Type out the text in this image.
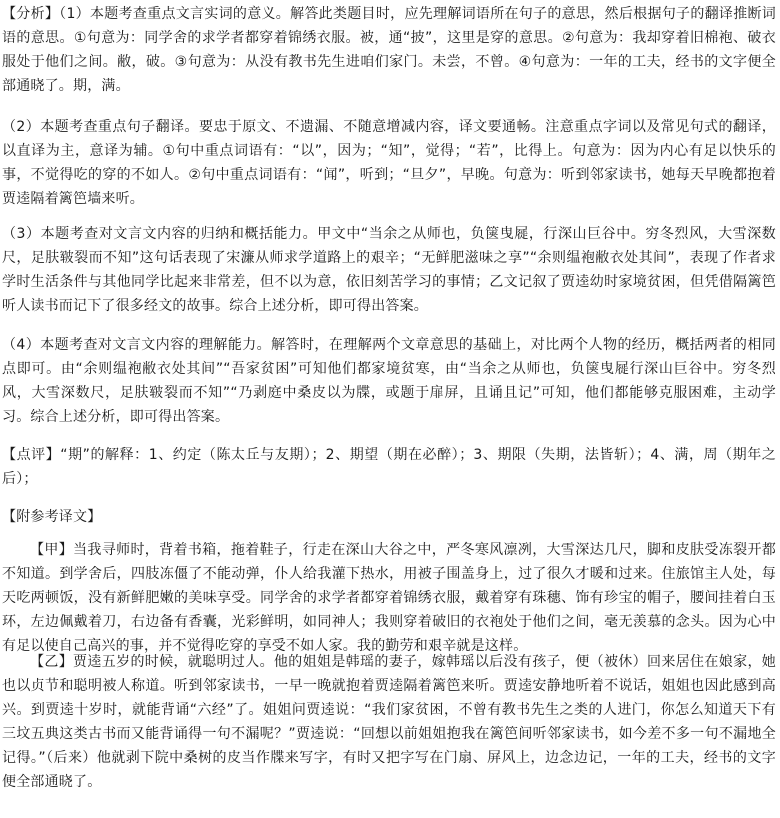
【分析】（1）本题考查重点文言实词的意义。解答此类题目时，应先理解词语所在句子的意思，然后根据句子的翻译推断词语的意思。①句意为：同学舍的求学者都穿着锦绣衣服。被，通“披”，这里是穿的意思。②句意为：我却穿着旧棉袍、破衣服处于他们之间。敝，破。③句意为：从没有教书先生进咱们家门。未尝，不曾。④句意为：一年的工夫，经书的文字便全部通晓了。期，满。

（2）本题考查重点句子翻译。要忠于原文、不遗漏、不随意增减内容，译文要通畅。注意重点字词以及常见句式的翻译，以直译为主，意译为辅。①句中重点词语有：“以”，因为；“知”，觉得；“若”，比得上。句意为：因为内心有足以快乐的事，不觉得吃的穿的不如人。②句中重点词语有：“闻”，听到；“旦夕”，早晚。句意为：听到邻家读书，她每天早晚都抱着贾逵隔着篱笆墙来听。

（3）本题考查对文言文内容的归纳和概括能力。甲文中“当余之从师也，负箧曳屣，行深山巨谷中。穷冬烈风，大雪深数尺，足肤皲裂而不知”这句话表现了宋濂从师求学道路上的艰辛；“无鲜肥滋味之享”“余则缊袍敝衣处其间”，表现了作者求学时生活条件与其他同学比起来非常差，但不以为意，依旧刻苦学习的事情；乙文记叙了贾逵幼时家境贫困，但凭借隔篱笆听人读书而记下了很多经文的故事。综合上述分析，即可得出答案。

（4）本题考查对文言文内容的理解能力。解答时，在理解两个文章意思的基础上，对比两个人物的经历，概括两者的相同点即可。由“余则缊袍敝衣处其间”“吾家贫困”可知他们都家境贫寒，由“当余之从师也，负箧曳屣行深山巨谷中。穷冬烈风，大雪深数尺，足肤皲裂而不知”“乃剥庭中桑皮以为牒，或题于扉屏，且诵且记”可知，他们都能够克服困难，主动学习。综合上述分析，即可得出答案。

【点评】“期”的解释：1、约定（陈太丘与友期）；2、期望（期在必醉）；3、期限（失期，法皆斩）；4、满，周（期年之后）；

【附参考译文】

【甲】当我寻师时，背着书箱，拖着鞋子，行走在深山大谷之中，严冬寒风凛冽，大雪深达几尺，脚和皮肤受冻裂开都不知道。到学舍后，四肢冻僵了不能动弹，仆人给我灌下热水，用被子围盖身上，过了很久才暖和过来。住旅馆主人处，每天吃两顿饭，没有新鲜肥嫩的美味享受。同学舍的求学者都穿着锦绣衣服，戴着穿有珠穗、饰有珍宝的帽子，腰间挂着白玉环，左边佩戴着刀，右边备有香囊，光彩鲜明，如同神人；我则穿着破旧的衣袍处于他们之间，毫无羡慕的念头。因为心中有足以使自己高兴的事，并不觉得吃穿的享受不如人家。我的勤劳和艰辛就是这样。

【乙】贾逵五岁的时候，就聪明过人。他的姐姐是韩瑶的妻子，嫁韩瑶以后没有孩子，便（被休）回来居住在娘家，她也以贞节和聪明被人称道。听到邻家读书，一早一晚就抱着贾逵隔着篱笆来听。贾逵安静地听着不说话，姐姐也因此感到高兴。到贾逵十岁时，就能背诵“六经”了。姐姐问贾逵说：“我们家贫困，不曾有教书先生之类的人进门，你怎么知道天下有三坟五典这类古书而又能背诵得一句不漏呢？”贾逵说：“回想以前姐姐抱我在篱笆间听邻家读书，如今差不多一句不漏地全记得。”（后来）他就剥下院中桑树的皮当作牒来写字，有时又把字写在门扇、屏风上，边念边记，一年的工夫，经书的文字便全部通晓了。
